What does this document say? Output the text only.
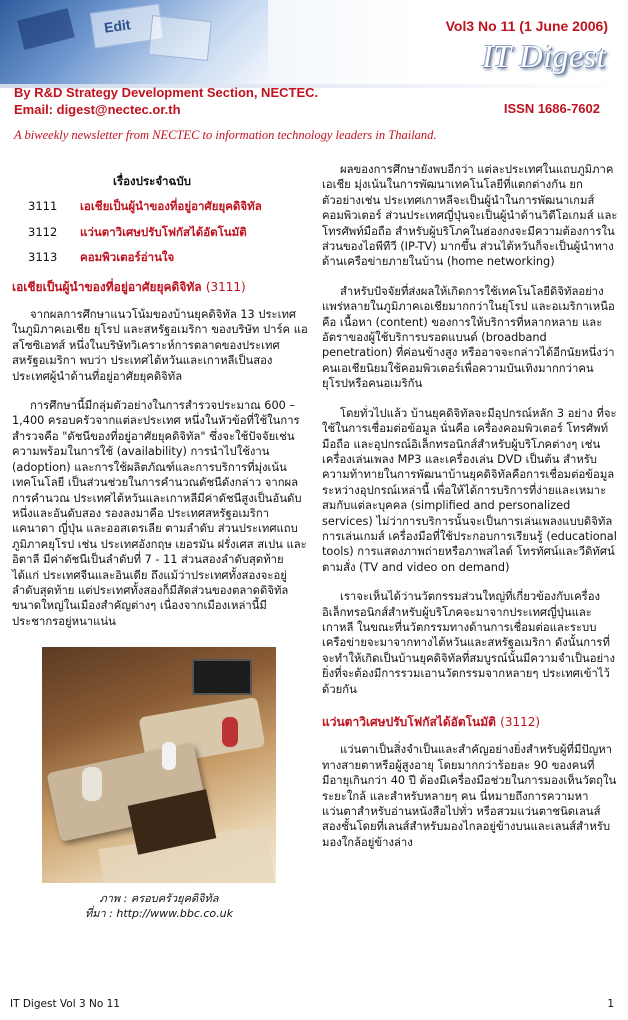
Edit	Vol3 No 11 (1 June 2006)
IT Digest
By R&D Strategy Development Section, NECTEC.
Email: digest@nectec.or.th	ISSN 1686-7602
A biweekly newsletter from NECTEC to information technology leaders in Thailand.
เรื่องประจำฉบับ
3111	เอเชียเป็นผู้นำของที่อยู่อาศัยยุคดิจิทัล
3112	แว่นตาวิเศษปรับโฟกัสได้อัตโนมัติ
3113	คอมพิวเตอร์อ่านใจ
เอเชียเป็นผู้นำของที่อยู่อาศัยยุคดิจิทัล (3111)

จากผลการศึกษาแนวโน้มของบ้านยุคดิจิทัล 13 ประเทศ ในภูมิภาคเอเชีย ยุโรป และสหรัฐอเมริกา ของบริษัท ปาร์ค แอสโซซิเอทส์ หนึ่งในบริษัทวิเคราะห์การตลาดของประเทศสหรัฐอเมริกา พบว่า ประเทศไต้หวันและเกาหลีเป็นสองประเทศผู้นำด้านที่อยู่อาศัยยุคดิจิทัล

การศึกษานี้มีกลุ่มตัวอย่างในการสำรวจประมาณ 600 – 1,400 ครอบครัวจากแต่ละประเทศ หนึ่งในหัวข้อที่ใช้ในการสำรวจคือ "ดัชนีของที่อยู่อาศัยยุคดิจิทัล" ซึ่งจะใช้ปัจจัยเช่น ความพร้อมในการใช้ (availability) การนำไปใช้งาน (adoption) และการใช้ผลิตภัณฑ์และการบริการที่มุ่งเน้นเทคโนโลยี เป็นส่วนช่วยในการคำนวณดัชนีดังกล่าว จากผลการคำนวณ ประเทศไต้หวันและเกาหลีมีค่าดัชนีสูงเป็นอันดับหนึ่งและอันดับสอง รองลงมาคือ ประเทศสหรัฐอเมริกา แคนาดา ญี่ปุ่น และออสเตรเลีย ตามลำดับ ส่วนประเทศแถบภูมิภาคยุโรป เช่น ประเทศอังกฤษ เยอรมัน ฝรั่งเศส สเปน และ อิตาลี มีค่าดัชนีเป็นลำดับที่ 7 - 11 ส่วนสองลำดับสุดท้ายได้แก่ ประเทศจีนและอินเดีย ถึงแม้ว่าประเทศทั้งสองจะอยู่ลำดับสุดท้าย แต่ประเทศทั้งสองก็มีสัดส่วนของตลาดดิจิทัลขนาดใหญ่ในเมืองสำคัญต่างๆ เนื่องจากเมืองเหล่านี้มีประชากรอยู่หนาแน่น

ภาพ : ครอบครัวยุคดิจิทัล
ที่มา : http://www.bbc.co.uk

ผลของการศึกษายังพบอีกว่า แต่ละประเทศในแถบภูมิภาคเอเชีย มุ่งเน้นในการพัฒนาเทคโนโลยีที่แตกต่างกัน ยกตัวอย่างเช่น ประเทศเกาหลีจะเป็นผู้นำในการพัฒนาเกมส์คอมพิวเตอร์ ส่วนประเทศญี่ปุ่นจะเป็นผู้นำด้านวิดีโอเกมส์ และโทรศัพท์มือถือ สำหรับผู้บริโภคในฮ่องกงจะมีความต้องการในส่วนของไอพีทีวี (IP-TV) มากขึ้น ส่วนไต้หวันก็จะเป็นผู้นำทางด้านเครือข่ายภายในบ้าน (home networking)

สำหรับปัจจัยที่ส่งผลให้เกิดการใช้เทคโนโลยีดิจิทัลอย่างแพร่หลายในภูมิภาคเอเชียมากกว่าในยุโรป และอเมริกาเหนือ คือ เนื้อหา (content) ของการให้บริการที่หลากหลาย และ อัตราของผู้ใช้บริการบรอดแบนด์ (broadband penetration) ที่ค่อนข้างสูง หรืออาจจะกล่าวได้อีกนัยหนึ่งว่าคนเอเชียนิยมใช้คอมพิวเตอร์เพื่อความบันเทิงมากกว่าคนยุโรปหรือคนอเมริกัน

โดยทั่วไปแล้ว บ้านยุคดิจิทัลจะมีอุปกรณ์หลัก 3 อย่าง ที่จะใช้ในการเชื่อมต่อข้อมูล นั่นคือ เครื่องคอมพิวเตอร์ โทรศัพท์มือถือ และอุปกรณ์อิเล็กทรอนิกส์สำหรับผู้บริโภคต่างๆ เช่น เครื่องเล่นเพลง MP3 และเครื่องเล่น DVD เป็นต้น สำหรับความท้าทายในการพัฒนาบ้านยุคดิจิทัลคือการเชื่อมต่อข้อมูลระหว่างอุปกรณ์เหล่านี้ เพื่อให้ได้การบริการที่ง่ายและเหมาะสมกับแต่ละบุคคล (simplified and personalized services) ไม่ว่าการบริการนั้นจะเป็นการเล่นเพลงแบบดิจิทัล การเล่นเกมส์ เครื่องมือที่ใช้ประกอบการเรียนรู้ (educational tools) การแสดงภาพถ่ายหรือภาพสไลด์ โทรทัศน์และวีดิทัศน์ตามสั่ง (TV and video on demand)

เราจะเห็นได้ว่านวัตกรรมส่วนใหญ่ที่เกี่ยวข้องกับเครื่องอิเล็กทรอนิกส์สำหรับผู้บริโภคจะมาจากประเทศญี่ปุ่นและเกาหลี ในขณะที่นวัตกรรมทางด้านการเชื่อมต่อและระบบเครือข่ายจะมาจากทางไต้หวันและสหรัฐอเมริกา ดังนั้นการที่จะทำให้เกิดเป็นบ้านยุคดิจิทัลที่สมบูรณ์นั้นมีความจำเป็นอย่างยิ่งที่จะต้องมีการรวมเอานวัตกรรมจากหลายๆ ประเทศเข้าไว้ด้วยกัน

แว่นตาวิเศษปรับโฟกัสได้อัตโนมัติ (3112)

แว่นตาเป็นสิ่งจำเป็นและสำคัญอย่างยิ่งสำหรับผู้ที่มีปัญหาทางสายตาหรือผู้สูงอายุ โดยมากกว่าร้อยละ 90 ของคนที่มีอายุเกินกว่า 40 ปี ต้องมีเครื่องมือช่วยในการมองเห็นวัตถุในระยะใกล้ และสำหรับหลายๆ คน นี่หมายถึงการความหาแว่นตาสำหรับอ่านหนังสือไปทั่ว หรือสวมแว่นตาชนิดเลนส์สองชั้นโดยที่เลนส์สำหรับมองไกลอยู่ข้างบนและเลนส์สำหรับมองใกล้อยู่ข้างล่าง

IT Digest Vol 3 No 11	1
